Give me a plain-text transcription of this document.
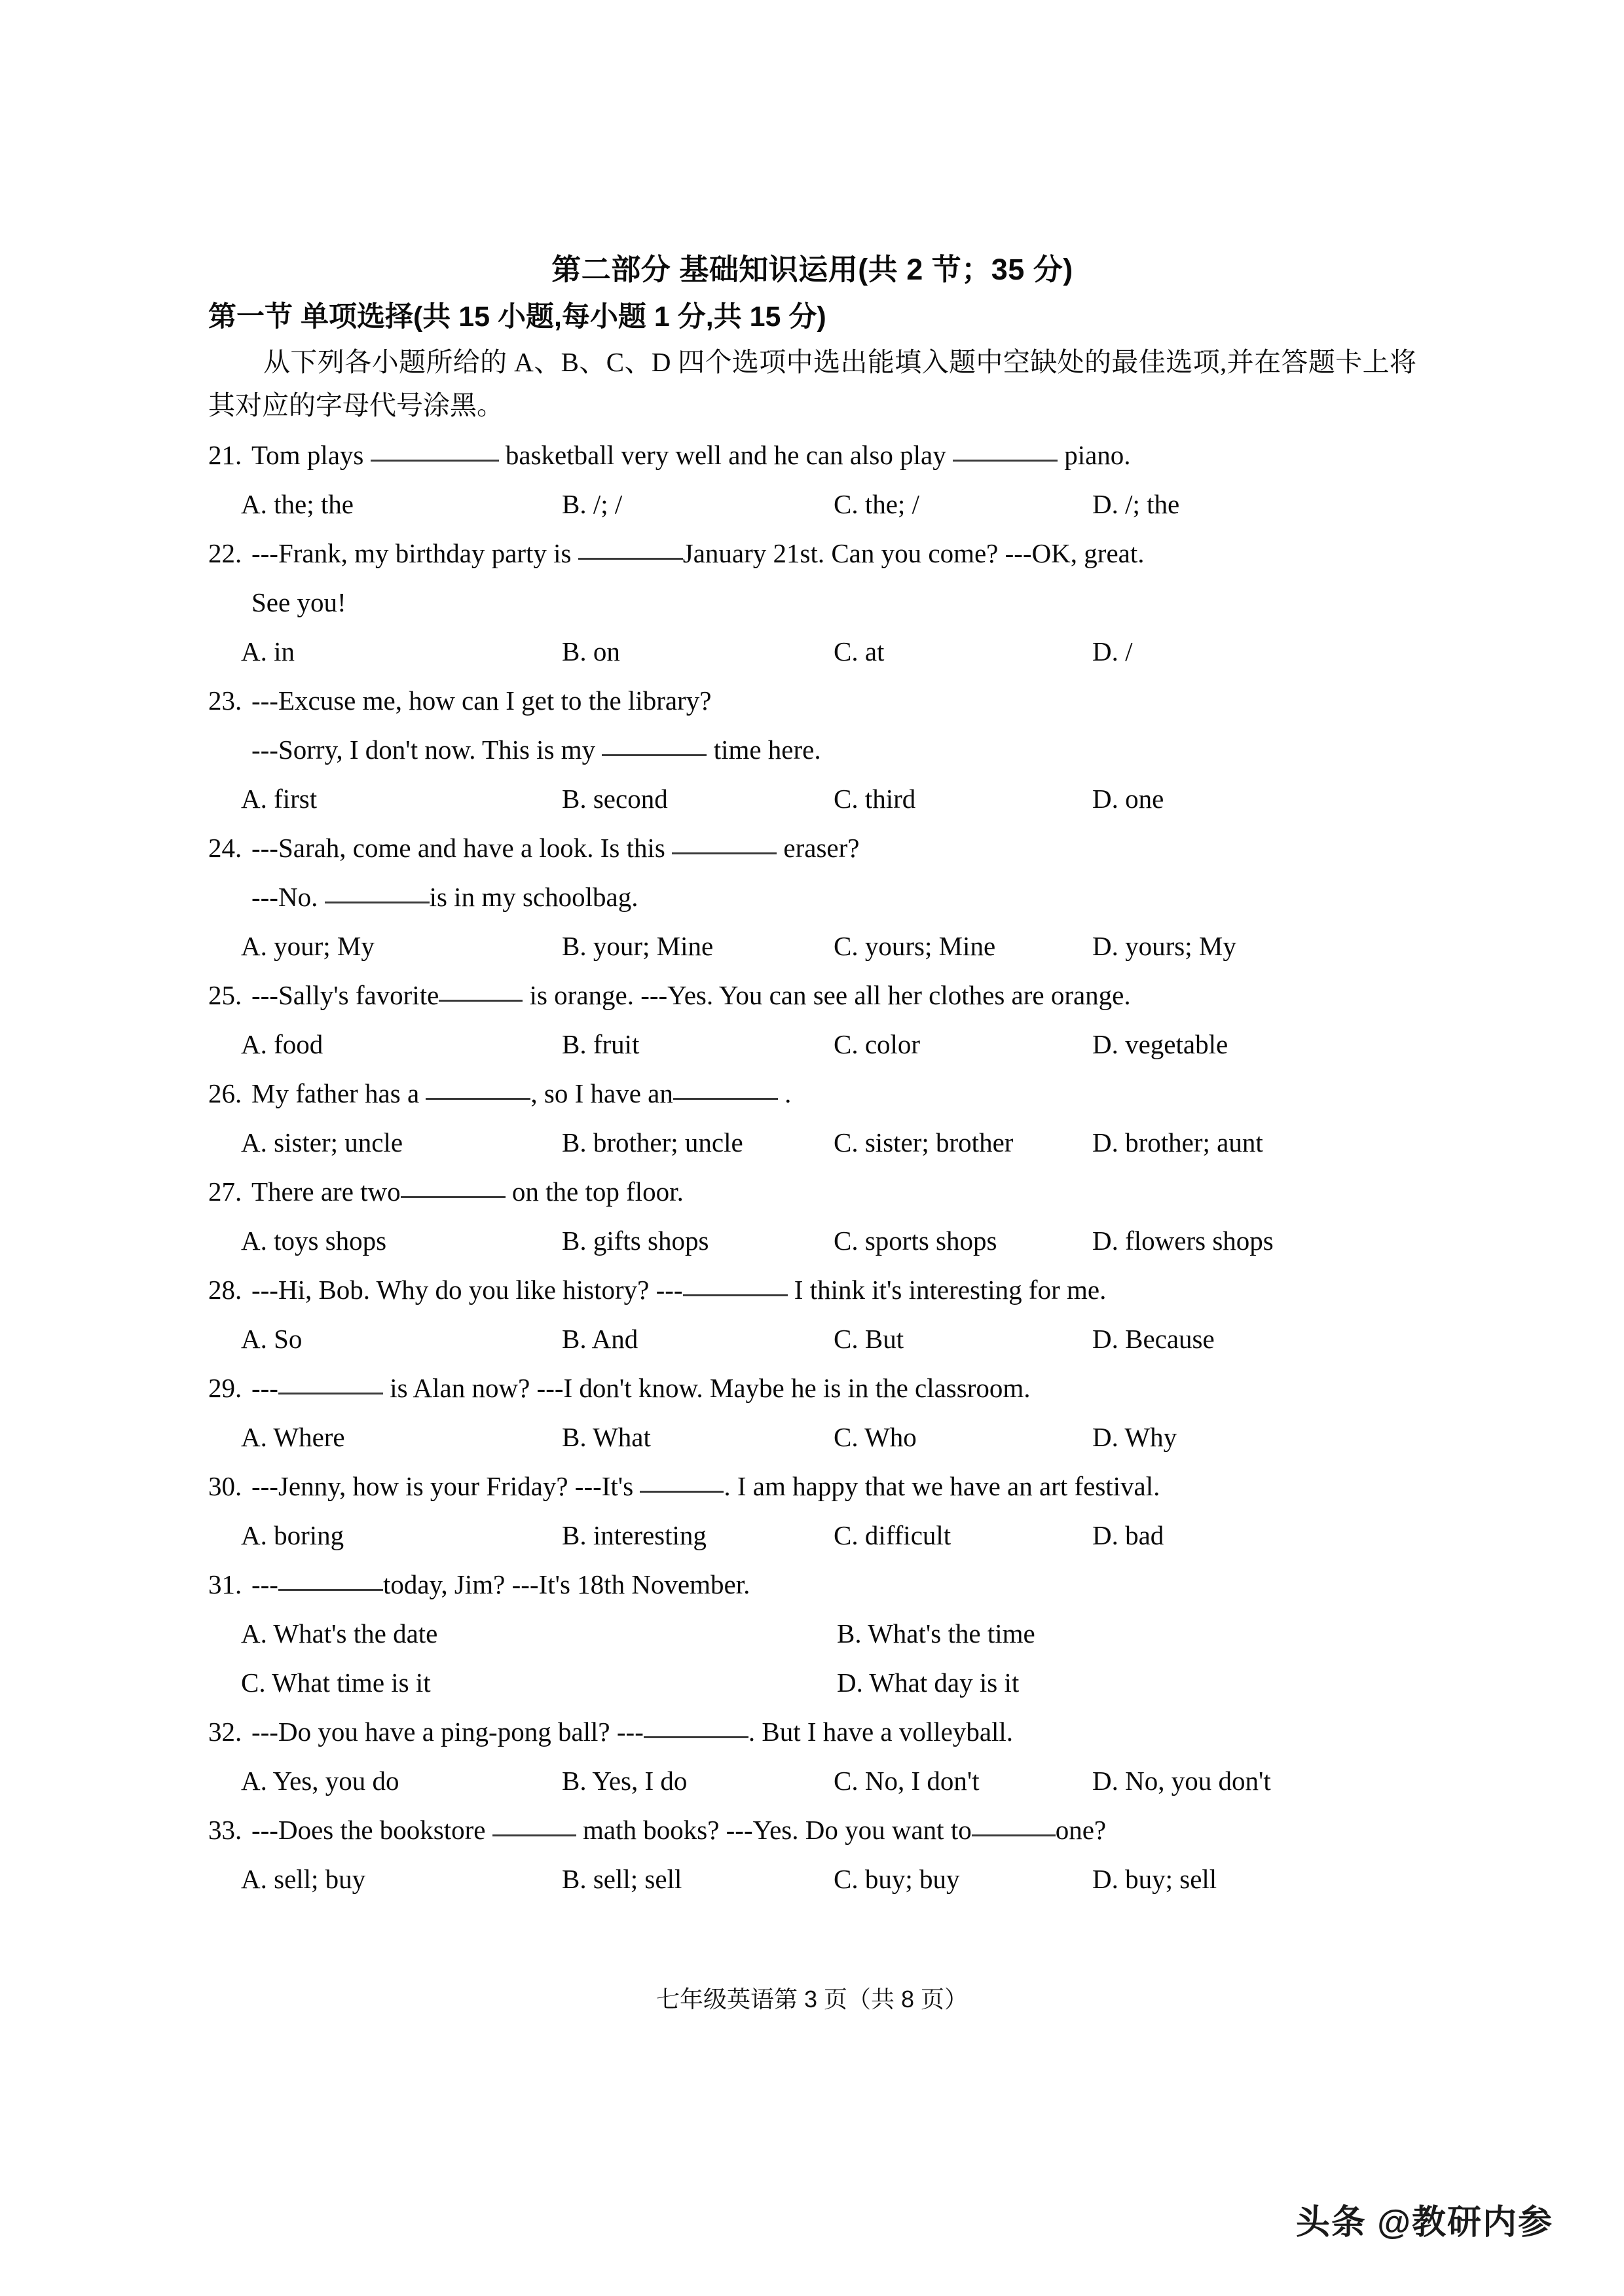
第二部分 基础知识运用(共 2 节；35 分)
第一节 单项选择(共 15 小题,每小题 1 分,共 15 分)
从下列各小题所给的 A、B、C、D 四个选项中选出能填入题中空缺处的最佳选项,并在答题卡上将其对应的字母代号涂黑。
21. Tom plays	basketball very well and he can also play	piano.
A. the; the	B. /; /	C. the; /	D. /; the
22. ---Frank, my birthday party is	January 21st. Can you come? ---OK, great.
See you!
A. in	B. on	C. at	D. /
23. ---Excuse me, how can I get to the library?
---Sorry, I don't now. This is my	time here.
A. first	B. second	C. third	D. one
24. ---Sarah, come and have a look. Is this	eraser?
---No.	is in my schoolbag.
A. your; My	B. your; Mine	C. yours; Mine	D. yours; My
25. ---Sally's favorite	is orange. ---Yes. You can see all her clothes are orange.
A. food	B. fruit	C. color	D. vegetable
26. My father has a	, so I have an	.
A. sister; uncle	B. brother; uncle	C. sister; brother	D. brother; aunt
27. There are two	on the top floor.
A. toys shops	B. gifts shops	C. sports shops	D. flowers shops
28. ---Hi, Bob. Why do you like history? ---	I think it's interesting for me.
A. So	B. And	C. But	D. Because
29. ---	is Alan now? ---I don't know. Maybe he is in the classroom.
A. Where	B. What	C. Who	D. Why
30. ---Jenny, how is your Friday? ---It's	. I am happy that we have an art festival.
A. boring	B. interesting	C. difficult	D. bad
31. ---	today, Jim? ---It's 18th November.
A. What's the date	B. What's the time
C. What time is it	D. What day is it
32. ---Do you have a ping-pong ball? ---	. But I have a volleyball.
A. Yes, you do	B. Yes, I do	C. No, I don't	D. No, you don't
33. ---Does the bookstore	math books? ---Yes. Do you want to	one?
A. sell; buy	B. sell; sell	C. buy; buy	D. buy; sell
七年级英语第 3 页（共 8 页）
头条 @教研内参
